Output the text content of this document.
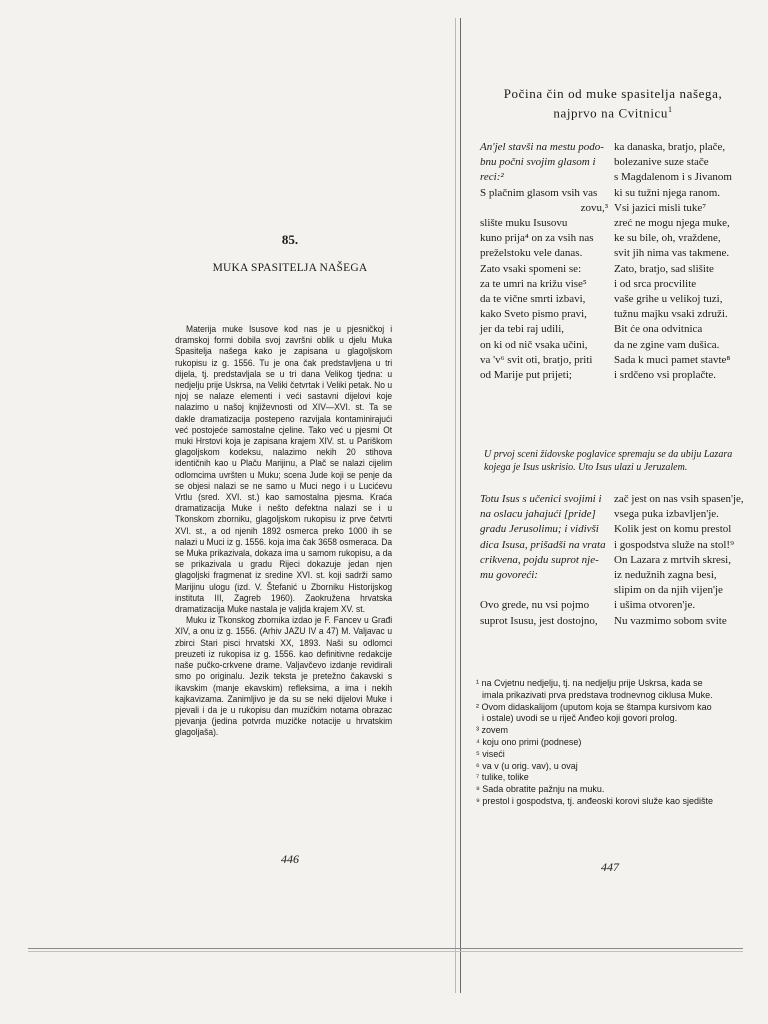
85.
MUKA SPASITELJA NAŠEGA

Materija muke Isusove kod nas je u pjesničkoj i dramskoj formi dobila svoj završni oblik u djelu Muka Spasitelja našega kako je zapisana u glagoljskom rukopisu iz g. 1556. Tu je ona čak predstavljena u tri dijela, tj. predstavljala se u tri dana Velikog tjedna: u nedjelju prije Uskrsa, na Veliki četvrtak i Veliki petak. No u njoj se nalaze elementi i veći sastavni dijelovi koje nalazimo u našoj književnosti od XIV—XVI. st. Ta se dakle dramatizacija postepeno razvijala kontaminirajući već postojeće samostalne cjeline. Tako već u pjesmi Ot muki Hrstovi koja je zapisana krajem XIV. st. u Pariškom glagoljskom kodeksu, nalazimo nekih 20 stihova identičnih kao u Plaču Marijinu, a Plač se nalazi cijelim odlomcima uvršten u Muku; scena Jude koji se penje da se objesi nalazi se ne samo u Muci nego i u Lucićevu Vrtlu (sred. XVI. st.) kao samostalna pjesma. Kraća dramatizacija Muke i nešto defektna nalazi se i u Tkonskom zborniku, glagoljskom rukopisu iz prve četvrti XVI. st., a od njenih 1892 osmerca preko 1000 ih se nalazi u Muci iz g. 1556. koja ima čak 3658 osmeraca. Da se Muka prikazivala, dokaza ima u samom rukopisu, a da se prikazivala u gradu Rijeci dokazuje jedan njen glagoljski fragmenat iz sredine XVI. st. koji sadrži samo Marijinu ulogu (izd. V. Štefanić u Zborniku Historijskog instituta III, Zagreb 1960). Zaokružena hrvatska dramatizacija Muke nastala je valjda krajem XV. st.

Muku iz Tkonskog zbornika izdao je F. Fancev u Građi XIV, a onu iz g. 1556. (Arhiv JAZU IV a 47) M. Valjavac u zbirci Stari pisci hrvatski XX, 1893. Naši su odlomci preuzeti iz rukopisa iz g. 1556. kao definitivne redakcije naše pučko-crkvene drame. Valjavčevo izdanje revidirali smo po originalu. Jezik teksta je pretežno čakavski s ikavskim (manje ekavskim) refleksima, a ima i nekih kajkavizama. Zanimljivo je da su se neki dijelovi Muke i pjevali i da je u rukopisu dan muzičkim notama obrazac pjevanja (jedina potvrda muzičke notacije u hrvatskim glagoljaša).

446
Počina čin od muke spasitelja našega,
najprvo na Cvitnicu$^1$
An'jel stavši na mestu podo-
bnu počni svojim glasom i
reci:²
S plačnim glasom vsih vas
zovu,³
slište muku Isusovu
kuno prija⁴ on za vsih nas
preželstoku vele danas.
Zato vsaki spomeni se:
za te umri na križu vise⁵
da te vične smrti izbavi,
kako Sveto pismo pravi,
jer da tebi raj udili,
on ki od nič vsaka učini,
va 'v⁶ svit oti, bratjo, priti
od Marije put prijeti;
ka danaska, bratjo, plače,
bolezanive suze stače
s Magdalenom i s Jivanom
ki su tužni njega ranom.
Vsi jazici misli tuke⁷
zreć ne mogu njega muke,
ke su bile, oh, vraždene,
svit jih nima vas takmene.
Zato, bratjo, sad slišite
i od srca procvilite
vaše grihe u velikoj tuzi,
tužnu majku vsaki združi.
Bit će ona odvitnica
da ne zgine vam dušica.
Sada k muci pamet stavte⁸
i srdčeno vsi proplačte.
U prvoj sceni židovske poglavice spremaju se da ubiju Lazara kojega je Isus uskrisio. Uto Isus ulazi u Jeruzalem.
Totu Isus s učenici svojimi i
na oslacu jahajući [pride]
gradu Jerusolimu; i vidivši
dica Isusa, prišadši na vrata
crikvena, pojdu suprot nje-
mu govoreći:

Ovo grede, nu vsi pojmo
suprot Isusu, jest dostojno,
zač jest on nas vsih spasen'je,
vsega puka izbavljen'je.
Kolik jest on komu prestol
i gospodstva služe na stol!⁹
On Lazara z mrtvih skresi,
iz nedužnih zagna besi,
slipim on da njih vijen'je
i ušima otvoren'je.
Nu vazmimo sobom svite
¹ na Cvjetnu nedjelju, tj. na nedjelju prije Uskrsa, kada se
imala prikazivati prva predstava trodnevnog ciklusa Muke.
² Ovom didaskalijom (uputom koja se štampa kursivom kao
i ostale) uvodi se u riječ Anđeo koji govori prolog.
³ zovem
⁴ koju ono primi (podnese)
⁵ viseći
⁶ va v (u orig. vav), u ovaj
⁷ tulike, tolike
⁸ Sada obratite pažnju na muku.
⁹ prestol i gospodstva, tj. anđeoski korovi služe kao sjedište
447
